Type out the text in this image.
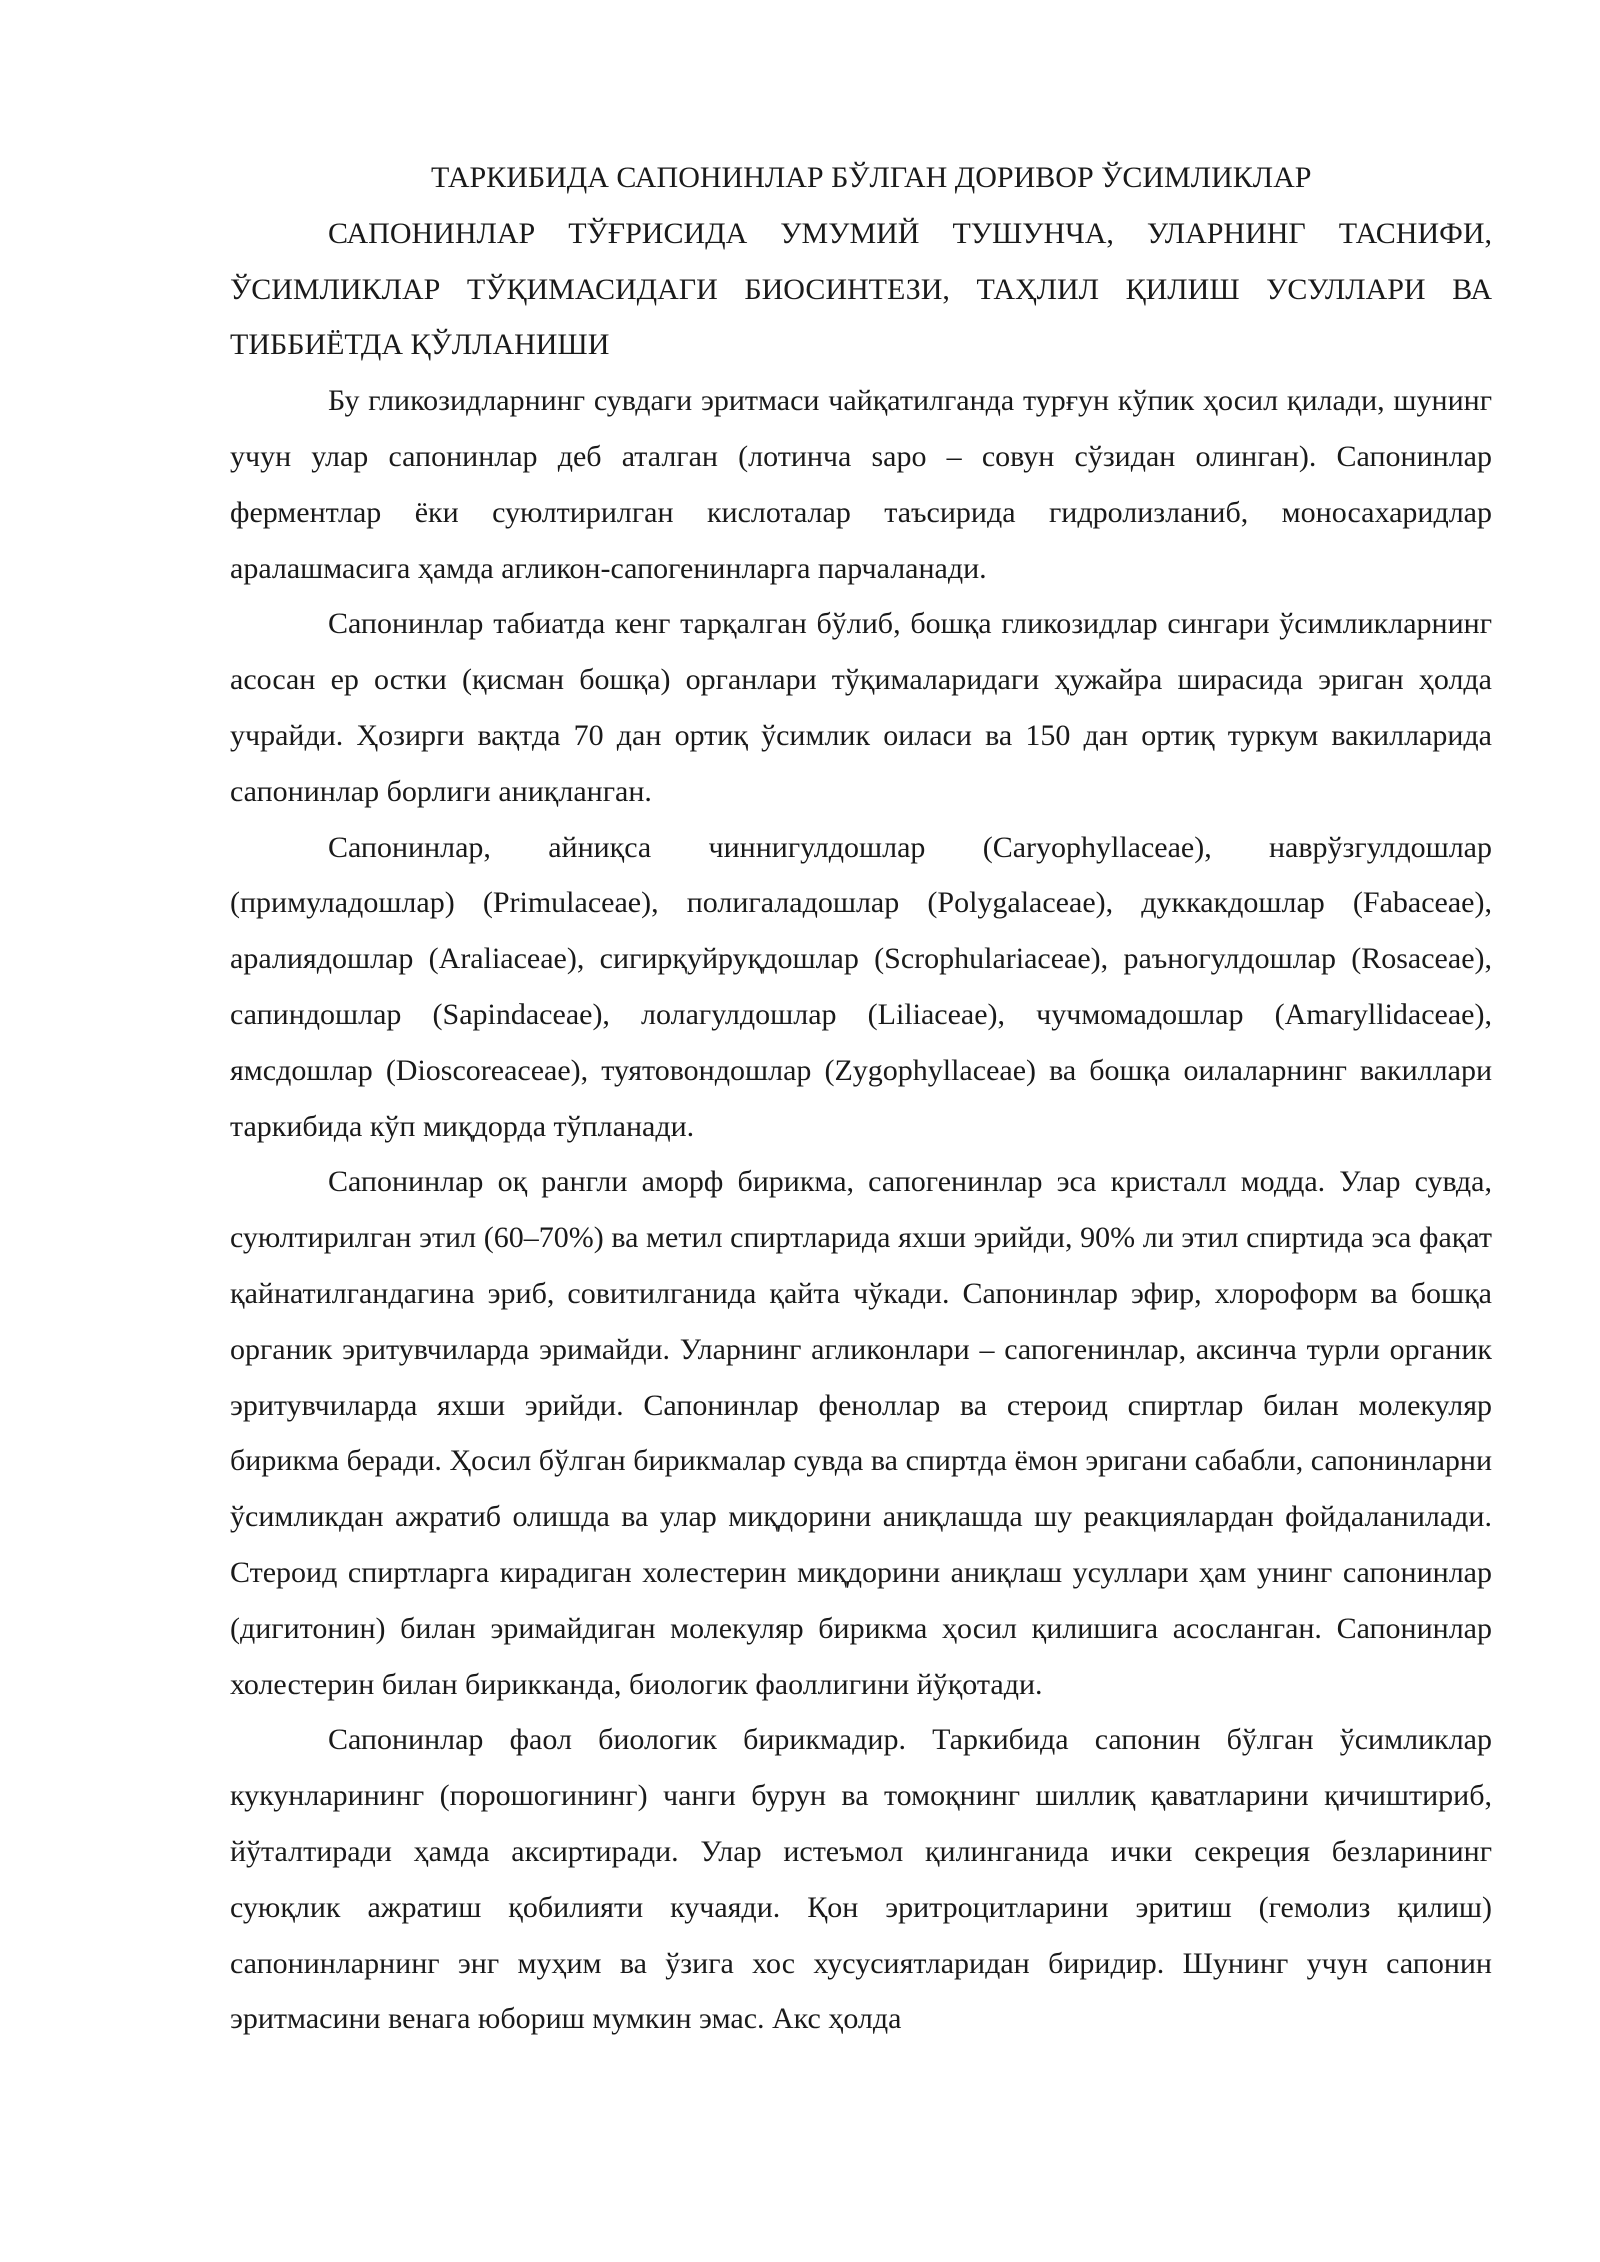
ТАРКИБИДА САПОНИНЛАР БЎЛГАН ДОРИВОР ЎСИМЛИКЛАР
САПОНИНЛАР ТЎҒРИСИДА УМУМИЙ ТУШУНЧА, УЛАРНИНГ ТАСНИФИ, ЎСИМЛИКЛАР ТЎҚИМАСИДАГИ БИОСИНТЕЗИ, ТАҲЛИЛ ҚИЛИШ УСУЛЛАРИ ВА ТИББИЁТДА ҚЎЛЛАНИШИ

Бу гликозидларнинг сувдаги эритмаси чайқатилганда турғун кўпик ҳосил қилади, шунинг учун улар сапонинлар деб аталган (лотинча sapo – совун сўзидан олинган). Сапонинлар ферментлар ёки суюлтирилган кислоталар таъсирида гидролизланиб, моносахаридлар аралашмасига ҳамда агликон-сапогенинларга парчаланади.

Сапонинлар табиатда кенг тарқалган бўлиб, бошқа гликозидлар сингари ўсимликларнинг асосан ер остки (қисман бошқа) органлари тўқималаридаги ҳужайра ширасида эриган ҳолда учрайди. Ҳозирги вақтда 70 дан ортиқ ўсимлик оиласи ва 150 дан ортиқ туркум вакилларида сапонинлар борлиги аниқланган.

Сапонинлар, айниқса чиннигулдошлар (Caryophyllaceae), наврўзгулдошлар (примуладошлар) (Primulaceae), полигаладошлар (Polygalaceae), дуккакдошлар (Fabaceae), аралиядошлар (Araliaceae), сигирқуйруқдошлар (Scrophulariaceae), раъногулдошлар (Rosaceae), сапиндошлар (Sapindaceae), лолагулдошлар (Liliaceae), чучмомадошлар (Amaryllidaceae), ямсдошлар (Dioscoreaceae), туятовондошлар (Zygophyllaceae) ва бошқа оилаларнинг вакиллари таркибида кўп миқдорда тўпланади.

Сапонинлар оқ рангли аморф бирикма, сапогенинлар эса кристалл модда. Улар сувда, суюлтирилган этил (60–70%) ва метил спиртларида яхши эрийди, 90% ли этил спиртида эса фақат қайнатилгандагина эриб, совитилганида қайта чўкади. Сапонинлар эфир, хлороформ ва бошқа органик эритувчиларда эримайди. Уларнинг агликонлари – сапогенинлар, аксинча турли органик эритувчиларда яхши эрийди. Сапонинлар феноллар ва стероид спиртлар билан молекуляр бирикма беради. Ҳосил бўлган бирикмалар сувда ва спиртда ёмон эригани сабабли, сапонинларни ўсимликдан ажратиб олишда ва улар миқдорини аниқлашда шу реакциялардан фойдаланилади. Стероид спиртларга кирадиган холестерин миқдорини аниқлаш усуллари ҳам унинг сапонинлар (дигитонин) билан эримайдиган молекуляр бирикма ҳосил қилишига асосланган. Сапонинлар холестерин билан бирикканда, биологик фаоллигини йўқотади.

Сапонинлар фаол биологик бирикмадир. Таркибида сапонин бўлган ўсимликлар кукунларининг (порошогининг) чанги бурун ва томоқнинг шиллиқ қаватларини қичиштириб, йўталтиради ҳамда аксиртиради. Улар истеъмол қилинганида ички секреция безларининг суюқлик ажратиш қобилияти кучаяди. Қон эритроцитларини эритиш (гемолиз қилиш) сапонинларнинг энг муҳим ва ўзига хос хусусиятларидан биридир. Шунинг учун сапонин эритмасини венага юбориш мумкин эмас. Акс ҳолда
